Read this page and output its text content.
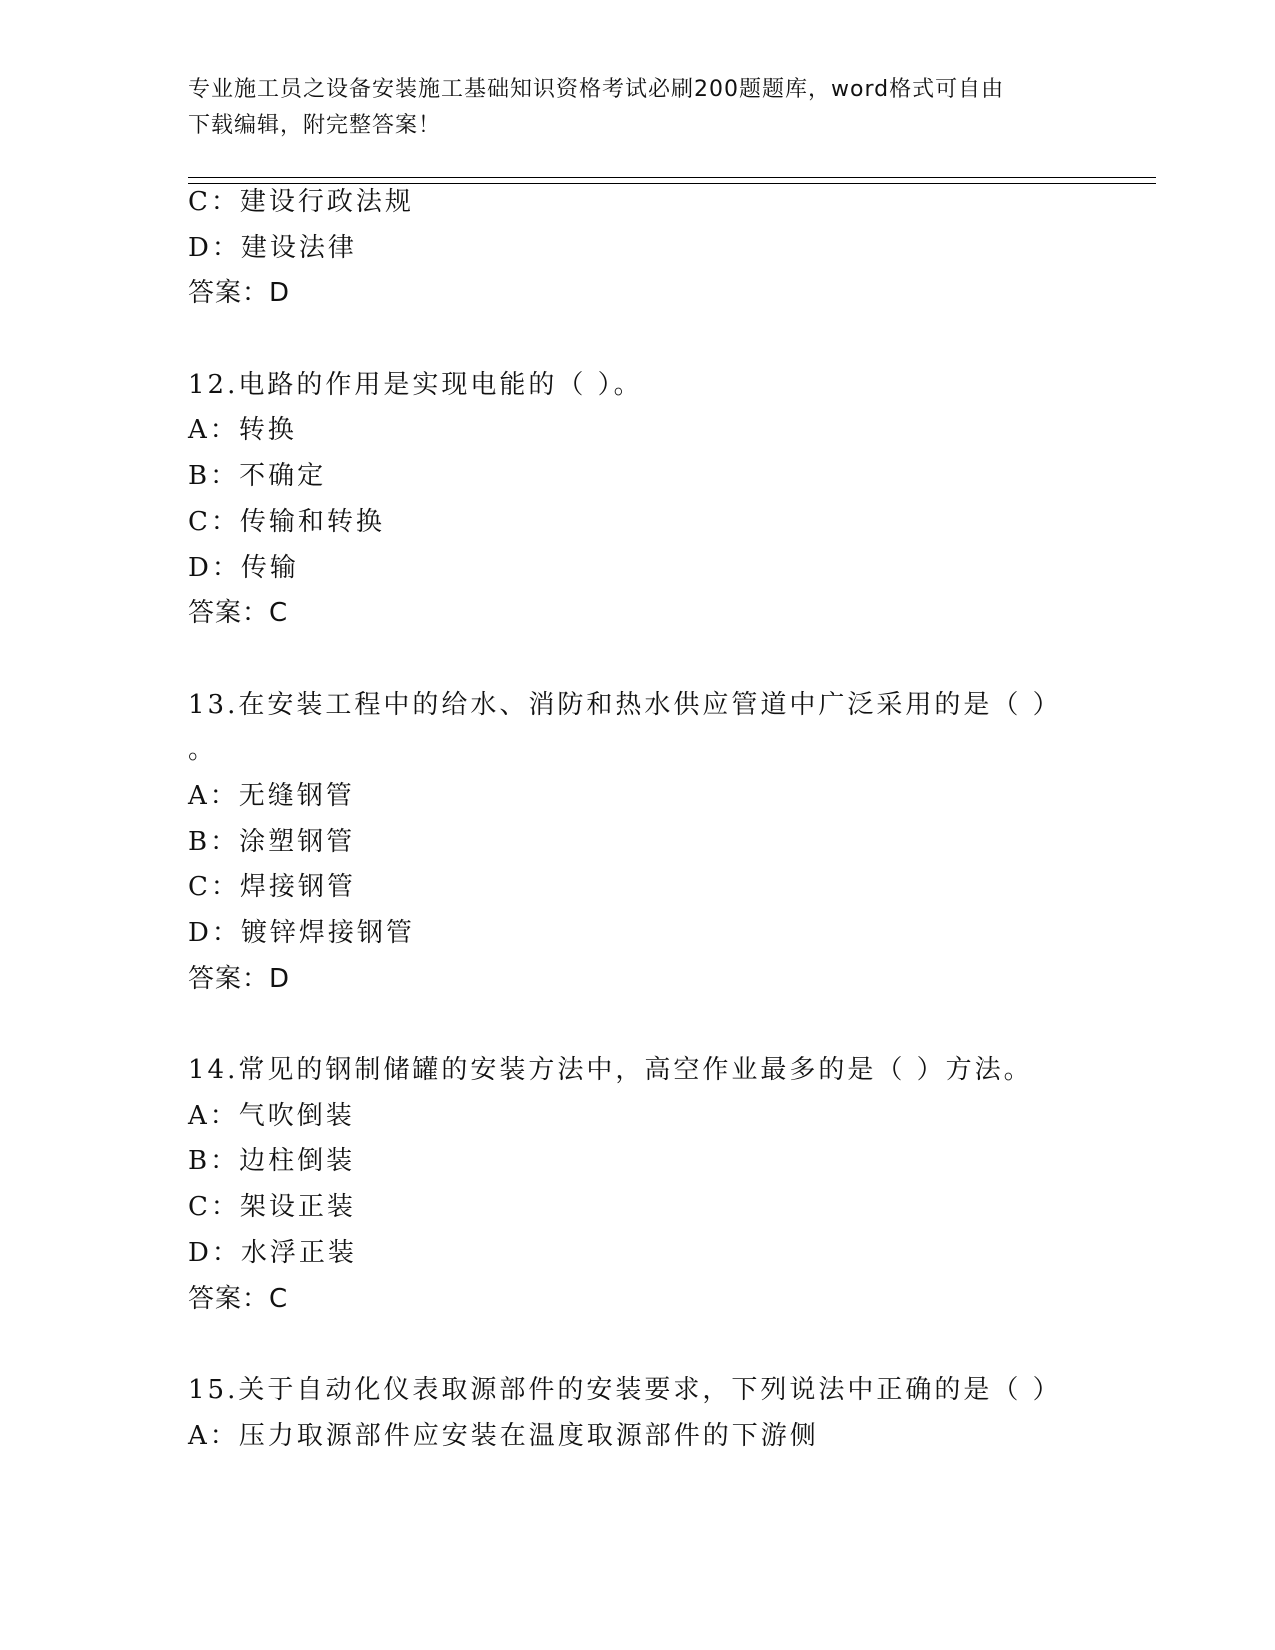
专业施工员之设备安装施工基础知识资格考试必刷200题题库，word格式可自由
下载编辑，附完整答案！
C：建设行政法规
D：建设法律
答案：D
12.电路的作用是实现电能的（ ）。
A：转换
B：不确定
C：传输和转换
D：传输
答案：C
13.在安装工程中的给水、消防和热水供应管道中广泛采用的是（ ）
。
A：无缝钢管
B：涂塑钢管
C：焊接钢管
D：镀锌焊接钢管
答案：D
14.常见的钢制储罐的安装方法中，高空作业最多的是（ ）方法。
A：气吹倒装
B：边柱倒装
C：架设正装
D：水浮正装
答案：C
15.关于自动化仪表取源部件的安装要求，下列说法中正确的是（ ）
A：压力取源部件应安装在温度取源部件的下游侧
